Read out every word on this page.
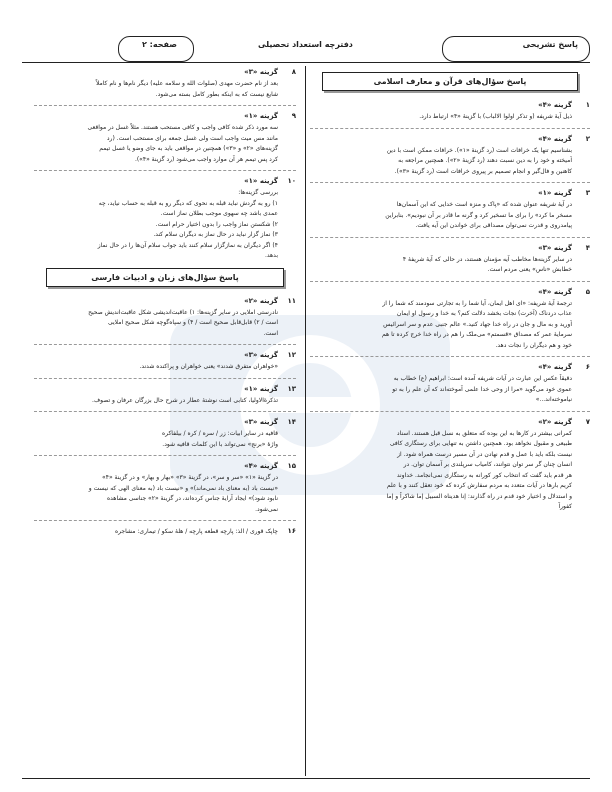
پاسخ تشریحی
دفترچه استعداد تحصیلی
صفحه: ۲
پاسخ سؤال‌های قرآن و معارف اسلامی
۱
گزینه «۴»
ذیل آیهٔ شریفه (و تذکر اولوا الالباب) با گزینهٔ «۴» ارتباط دارد.
۲
گزینه «۴»
بشناسیم تنها یک خرافات است (رد گزینهٔ «۱»). خرافات ممکن است با دین
آمیخته و خود را به دین نسبت دهند (رد گزینهٔ «۲»). همچنین مراجعه به
کاهنین و فال‌گیر و انجام تصمیم بر پیروی خرافات است (رد گزینهٔ «۳»).
۳
گزینه «۱»
در آیهٔ شریفه عنوان شده که «پاک و منزه است خدایی که این آسمان‌ها
مسخر ما کرد» را برای ما تسخیر کرد و گرنه ما قادر بر آن نبودیم». بنابراین
پیامدروی و قدرت نمی‌توان مصداقی برای خواندن این آیه یافت.
۴
گزینه «۳»
در سایر گزینه‌ها مخاطب آیه مؤمنان هستند، در حالی که آیهٔ شریفهٔ ۴
خطابش «ناس» یعنی مردم است.
۵
گزینه «۴»
ترجمهٔ آیهٔ شریفه: «ای اهل ایمان، آیا شما را به تجارتی سودمند که شما را از
عذاب دردناک (آخرت) نجات بخشد دلالت کنم؟ به خدا و رسول او ایمان
آورید و به مال و جان در راه خدا جهاد کنید.» عالم جنبی عدم و سر اسرائیس
سرمایهٔ عمر که مصداق «قسمتم» می‌ملک را هم در راه خدا خرج کرده تا هم
خود و هم دیگران را نجات دهد.
۶
گزینه «۴»
دقیقاً عکس این عبارت در آیات شریفه آمده است: ابراهیم (ع) خطاب به
عموی خود می‌گوید «مرا از وحی خدا علمی آموخته‌اند که آن علم را به تو
نیاموخته‌اند...»
۷
گزینه «۲»
کمرانی بیشتر در کارها به این بوده که متعلق به نسل قبل هستند. اسناد
طبیعی و مقبول نخواهد بود. همچنین داشتن به تنهایی برای رستگاری کافی
نیست بلکه باید با عمل و قدم نهادن در آن مسیر درست همراه شود. از
انسان چنان گر سر توان نتوانند، کامیاب سرپلندی بر آسمان توان. در
هر قدم باید گفت که انتخاب کور کورانه به رستگاری نمی‌انجامد. خداوند
کریم بارها در آیات متعدد به مردم سفارش کرده که خود تعقل کنند و با علم
و استدلال و اختیار خود قدم در راه گذارند: إنا هدیناه السبیل إما شاکراً و إما
کفوراً
۸
گزینه «۳»
بعد از نام حضرت مهدی (صلوات الله و سلامه علیه) دیگر نام‌ها و نام کاملاً
شایع نیست که به اینکه بطور کامل بسته می‌شود.
۹
گزینه «۱»
سه مورد ذکر شده کافی واجب و کافی مستحب هستند. مثلاً غسل در مواقعی
مانند مس میت واجب است ولی غسل جمعه برای مستحب است. (رد
گزینه‌های «۲» و «۳») همچنین در مواقعی باید به جای وضو یا غسل تیمم
کرد پس تیمم هر آن موارد واجب می‌شود (رد گزینهٔ «۴»).
۱۰
گزینه «۱»
بررسی گزینه‌ها:
۱) رو به گردش نباید قبله به نحوی که دیگر رو به قبله به حساب نیاید، چه
عمدی باشد چه سهوی موجب بطلان نماز است.
۲) شکستن نماز واجب را بدون اختیار حرام است.
۳) نماز گزار نباید در حال نماز به دیگران سلام کند.
۴) اگر دیگران به نمازگزار سلام کنند باید جواب سلام آن‌ها را در حال نماز
بدهد.
پاسخ سؤال‌های زبان و ادبیات فارسی
۱۱
گزینه «۲»
نادرستی املایی در سایر گزینه‌ها: ۱) عاقبت‌اندیشی شکل عاقبت‌اندیش صحیح
است / ۲) قابل‌قابل صحیح است / ۴) و سپاه‌گوچه شکل صحیح املایی
است.
۱۲
گزینه «۳»
«خواهران متفرق شدند» یعنی خواهران و پراکنده شدند.
۱۳
گزینه «۱»
تذکرةالاولیا، کتابی است نوشتهٔ عطار در شرح حال بزرگان عرفان و تصوف.
۱۴
گزینه «۳»
قافیه در سایر ابیات: زر / سره / کره / بیلفاکره
واژهٔ «برنج» نمی‌تواند با این کلمات قافیه شود.
۱۵
گزینه «۴»
در گزینهٔ «۱» «سر و سر»، در گزینهٔ «۳» «بهار و بهار» و در گزینهٔ «۴»
«نیست باد (به معنای باد نمی‌ماند)» و «نیست باد (به معنای الهی که نیست و
نابود شود)» ایجاد آرایهٔ جناس کرده‌اند، در گزینهٔ «۲» جناسی مشاهده
نمی‌شود.
۱۶
چاپک قوری / الذ: پارچه قطعه پارچه / هلهٔ سکو / تیماری: مشاجره
